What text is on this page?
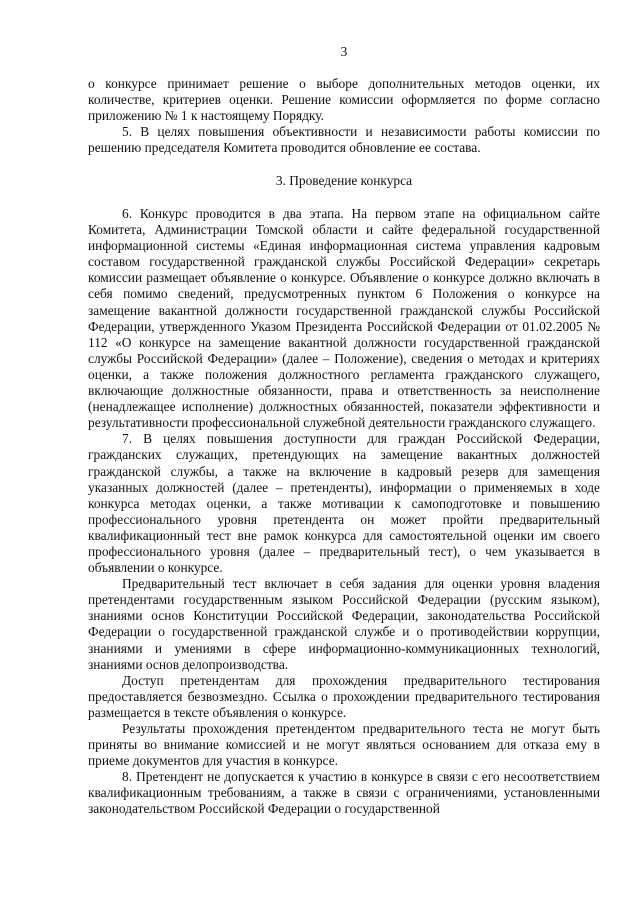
3

о конкурсе принимает решение о выборе дополнительных методов оценки, их количестве, критериев оценки. Решение комиссии оформляется по форме согласно приложению № 1 к настоящему Порядку.

5. В целях повышения объективности и независимости работы комиссии по решению председателя Комитета проводится обновление ее состава.

3. Проведение конкурса

6. Конкурс проводится в два этапа. На первом этапе на официальном сайте Комитета, Администрации Томской области и сайте федеральной государственной информационной системы «Единая информационная система управления кадровым составом государственной гражданской службы Российской Федерации» секретарь комиссии размещает объявление о конкурсе. Объявление о конкурсе должно включать в себя помимо сведений, предусмотренных пунктом 6 Положения о конкурсе на замещение вакантной должности государственной гражданской службы Российской Федерации, утвержденного Указом Президента Российской Федерации от 01.02.2005 № 112 «О конкурсе на замещение вакантной должности государственной гражданской службы Российской Федерации» (далее – Положение), сведения о методах и критериях оценки, а также положения должностного регламента гражданского служащего, включающие должностные обязанности, права и ответственность за неисполнение (ненадлежащее исполнение) должностных обязанностей, показатели эффективности и результативности профессиональной служебной деятельности гражданского служащего.

7. В целях повышения доступности для граждан Российской Федерации, гражданских служащих, претендующих на замещение вакантных должностей гражданской службы, а также на включение в кадровый резерв для замещения указанных должностей (далее – претенденты), информации о применяемых в ходе конкурса методах оценки, а также мотивации к самоподготовке и повышению профессионального уровня претендента он может пройти предварительный квалификационный тест вне рамок конкурса для самостоятельной оценки им своего профессионального уровня (далее – предварительный тест), о чем указывается в объявлении о конкурсе.

Предварительный тест включает в себя задания для оценки уровня владения претендентами государственным языком Российской Федерации (русским языком), знаниями основ Конституции Российской Федерации, законодательства Российской Федерации о государственной гражданской службе и о противодействии коррупции, знаниями и умениями в сфере информационно-коммуникационных технологий, знаниями основ делопроизводства.

Доступ претендентам для прохождения предварительного тестирования предоставляется безвозмездно. Ссылка о прохождении предварительного тестирования размещается в тексте объявления о конкурсе.

Результаты прохождения претендентом предварительного теста не могут быть приняты во внимание комиссией и не могут являться основанием для отказа ему в приеме документов для участия в конкурсе.

8. Претендент не допускается к участию в конкурсе в связи с его несоответствием квалификационным требованиям, а также в связи с ограничениями, установленными законодательством Российской Федерации о государственной
